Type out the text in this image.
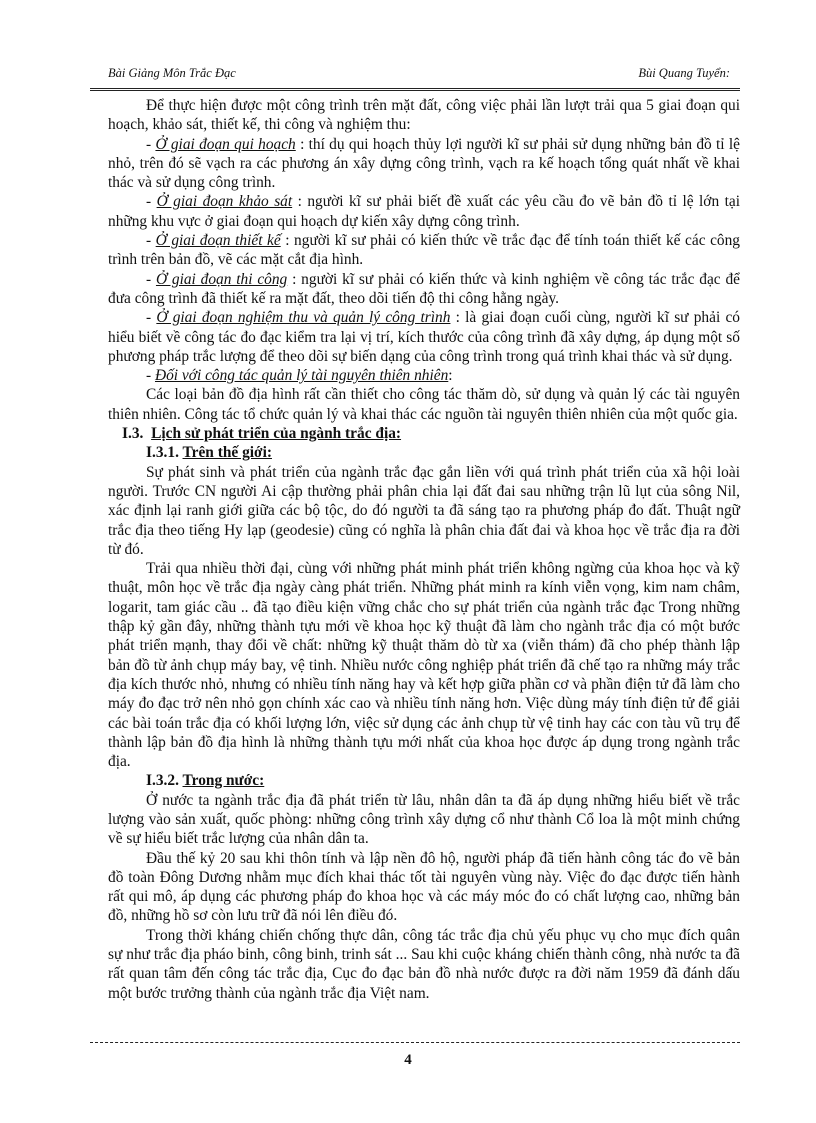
Bài Giảng Môn Trắc Đạc	Bùi Quang Tuyển:

Để thực hiện được một công trình trên mặt đất, công việc phải lần lượt trải qua 5 giai đoạn qui hoạch, khảo sát, thiết kế, thi công và nghiệm thu:

- Ở giai đoạn qui hoạch : thí dụ qui hoạch thủy lợi người kĩ sư phải sử dụng những bản đồ tỉ lệ nhỏ, trên đó sẽ vạch ra các phương án xây dựng công trình, vạch ra kế hoạch tổng quát nhất về khai thác và sử dụng công trình.

- Ở giai đoạn khảo sát : người kĩ sư phải biết đề xuất các yêu cầu đo vẽ bản đồ tỉ lệ lớn tại những khu vực ở giai đoạn qui hoạch dự kiến xây dựng công trình.

- Ở giai đoạn thiết kế : người kĩ sư phải có kiến thức về trắc đạc để tính toán thiết kế các công trình trên bản đồ, vẽ các mặt cắt địa hình.

- Ở giai đoạn thi công : người kĩ sư phải có kiến thức và kinh nghiệm về công tác trắc đạc để đưa công trình đã thiết kế ra mặt đất, theo dõi tiến độ thi công hằng ngày.

- Ở giai đoạn nghiệm thu và quản lý công trình : là giai đoạn cuối cùng, người kĩ sư phải có hiểu biết về công tác đo đạc kiểm tra lại vị trí, kích thước của công trình đã xây dựng, áp dụng một số phương pháp trắc lượng để theo dõi sự biến dạng của công trình trong quá trình khai thác và sử dụng.

- Đối với công tác quản lý tài nguyên thiên nhiên:

Các loại bản đồ địa hình rất cần thiết cho công tác thăm dò, sử dụng và quản lý các tài nguyên thiên nhiên. Công tác tổ chức quản lý và khai thác các nguồn tài nguyên thiên nhiên của một quốc gia.

I.3. Lịch sử phát triển của ngành trắc địa:

I.3.1. Trên thế giới:

Sự phát sinh và phát triển của ngành trắc đạc gắn liền với quá trình phát triển của xã hội loài người. Trước CN người Ai cập thường phải phân chia lại đất đai sau những trận lũ lụt của sông Nil, xác định lại ranh giới giữa các bộ tộc, do đó người ta đã sáng tạo ra phương pháp đo đất. Thuật ngữ trắc địa theo tiếng Hy lạp (geodesie) cũng có nghĩa là phân chia đất đai và khoa học về trắc địa ra đời từ đó.

Trải qua nhiều thời đại, cùng với những phát minh phát triển không ngừng của khoa học và kỹ thuật, môn học về trắc địa ngày càng phát triển. Những phát minh ra kính viễn vọng, kim nam châm, logarit, tam giác cầu .. đã tạo điều kiện vững chắc cho sự phát triển của ngành trắc đạc Trong những thập kỷ gần đây, những thành tựu mới về khoa học kỹ thuật đã làm cho ngành trắc địa có một bước phát triển mạnh, thay đổi về chất: những kỹ thuật thăm dò từ xa (viễn thám) đã cho phép thành lập bản đồ từ ảnh chụp máy bay, vệ tinh. Nhiều nước công nghiệp phát triển đã chế tạo ra những máy trắc địa kích thước nhỏ, nhưng có nhiều tính năng hay và kết hợp giữa phần cơ và phần điện tử đã làm cho máy đo đạc trở nên nhỏ gọn chính xác cao và nhiều tính năng hơn. Việc dùng máy tính điện tử để giải các bài toán trắc địa có khối lượng lớn, việc sử dụng các ảnh chụp từ vệ tinh hay các con tàu vũ trụ để thành lập bản đồ địa hình là những thành tựu mới nhất của khoa học được áp dụng trong ngành trắc địa.

I.3.2. Trong nước:

Ở nước ta ngành trắc địa đã phát triển từ lâu, nhân dân ta đã áp dụng những hiểu biết về trắc lượng vào sản xuất, quốc phòng: những công trình xây dựng cổ như thành Cổ loa là một minh chứng về sự hiểu biết trắc lượng của nhân dân ta.

Đầu thế kỷ 20 sau khi thôn tính và lập nền đô hộ, người pháp đã tiến hành công tác đo vẽ bản đồ toàn Đông Dương nhằm mục đích khai thác tốt tài nguyên vùng này. Việc đo đạc được tiến hành rất qui mô, áp dụng các phương pháp đo khoa học và các máy móc đo có chất lượng cao, những bản đồ, những hồ sơ còn lưu trữ đã nói lên điều đó.

Trong thời kháng chiến chống thực dân, công tác trắc địa chủ yếu phục vụ cho mục đích quân sự như trắc địa pháo binh, công binh, trinh sát ... Sau khi cuộc kháng chiến thành công, nhà nước ta đã rất quan tâm đến công tác trắc địa, Cục đo đạc bản đồ nhà nước được ra đời năm 1959 đã đánh dấu một bước trưởng thành của ngành trắc địa Việt nam.

4
